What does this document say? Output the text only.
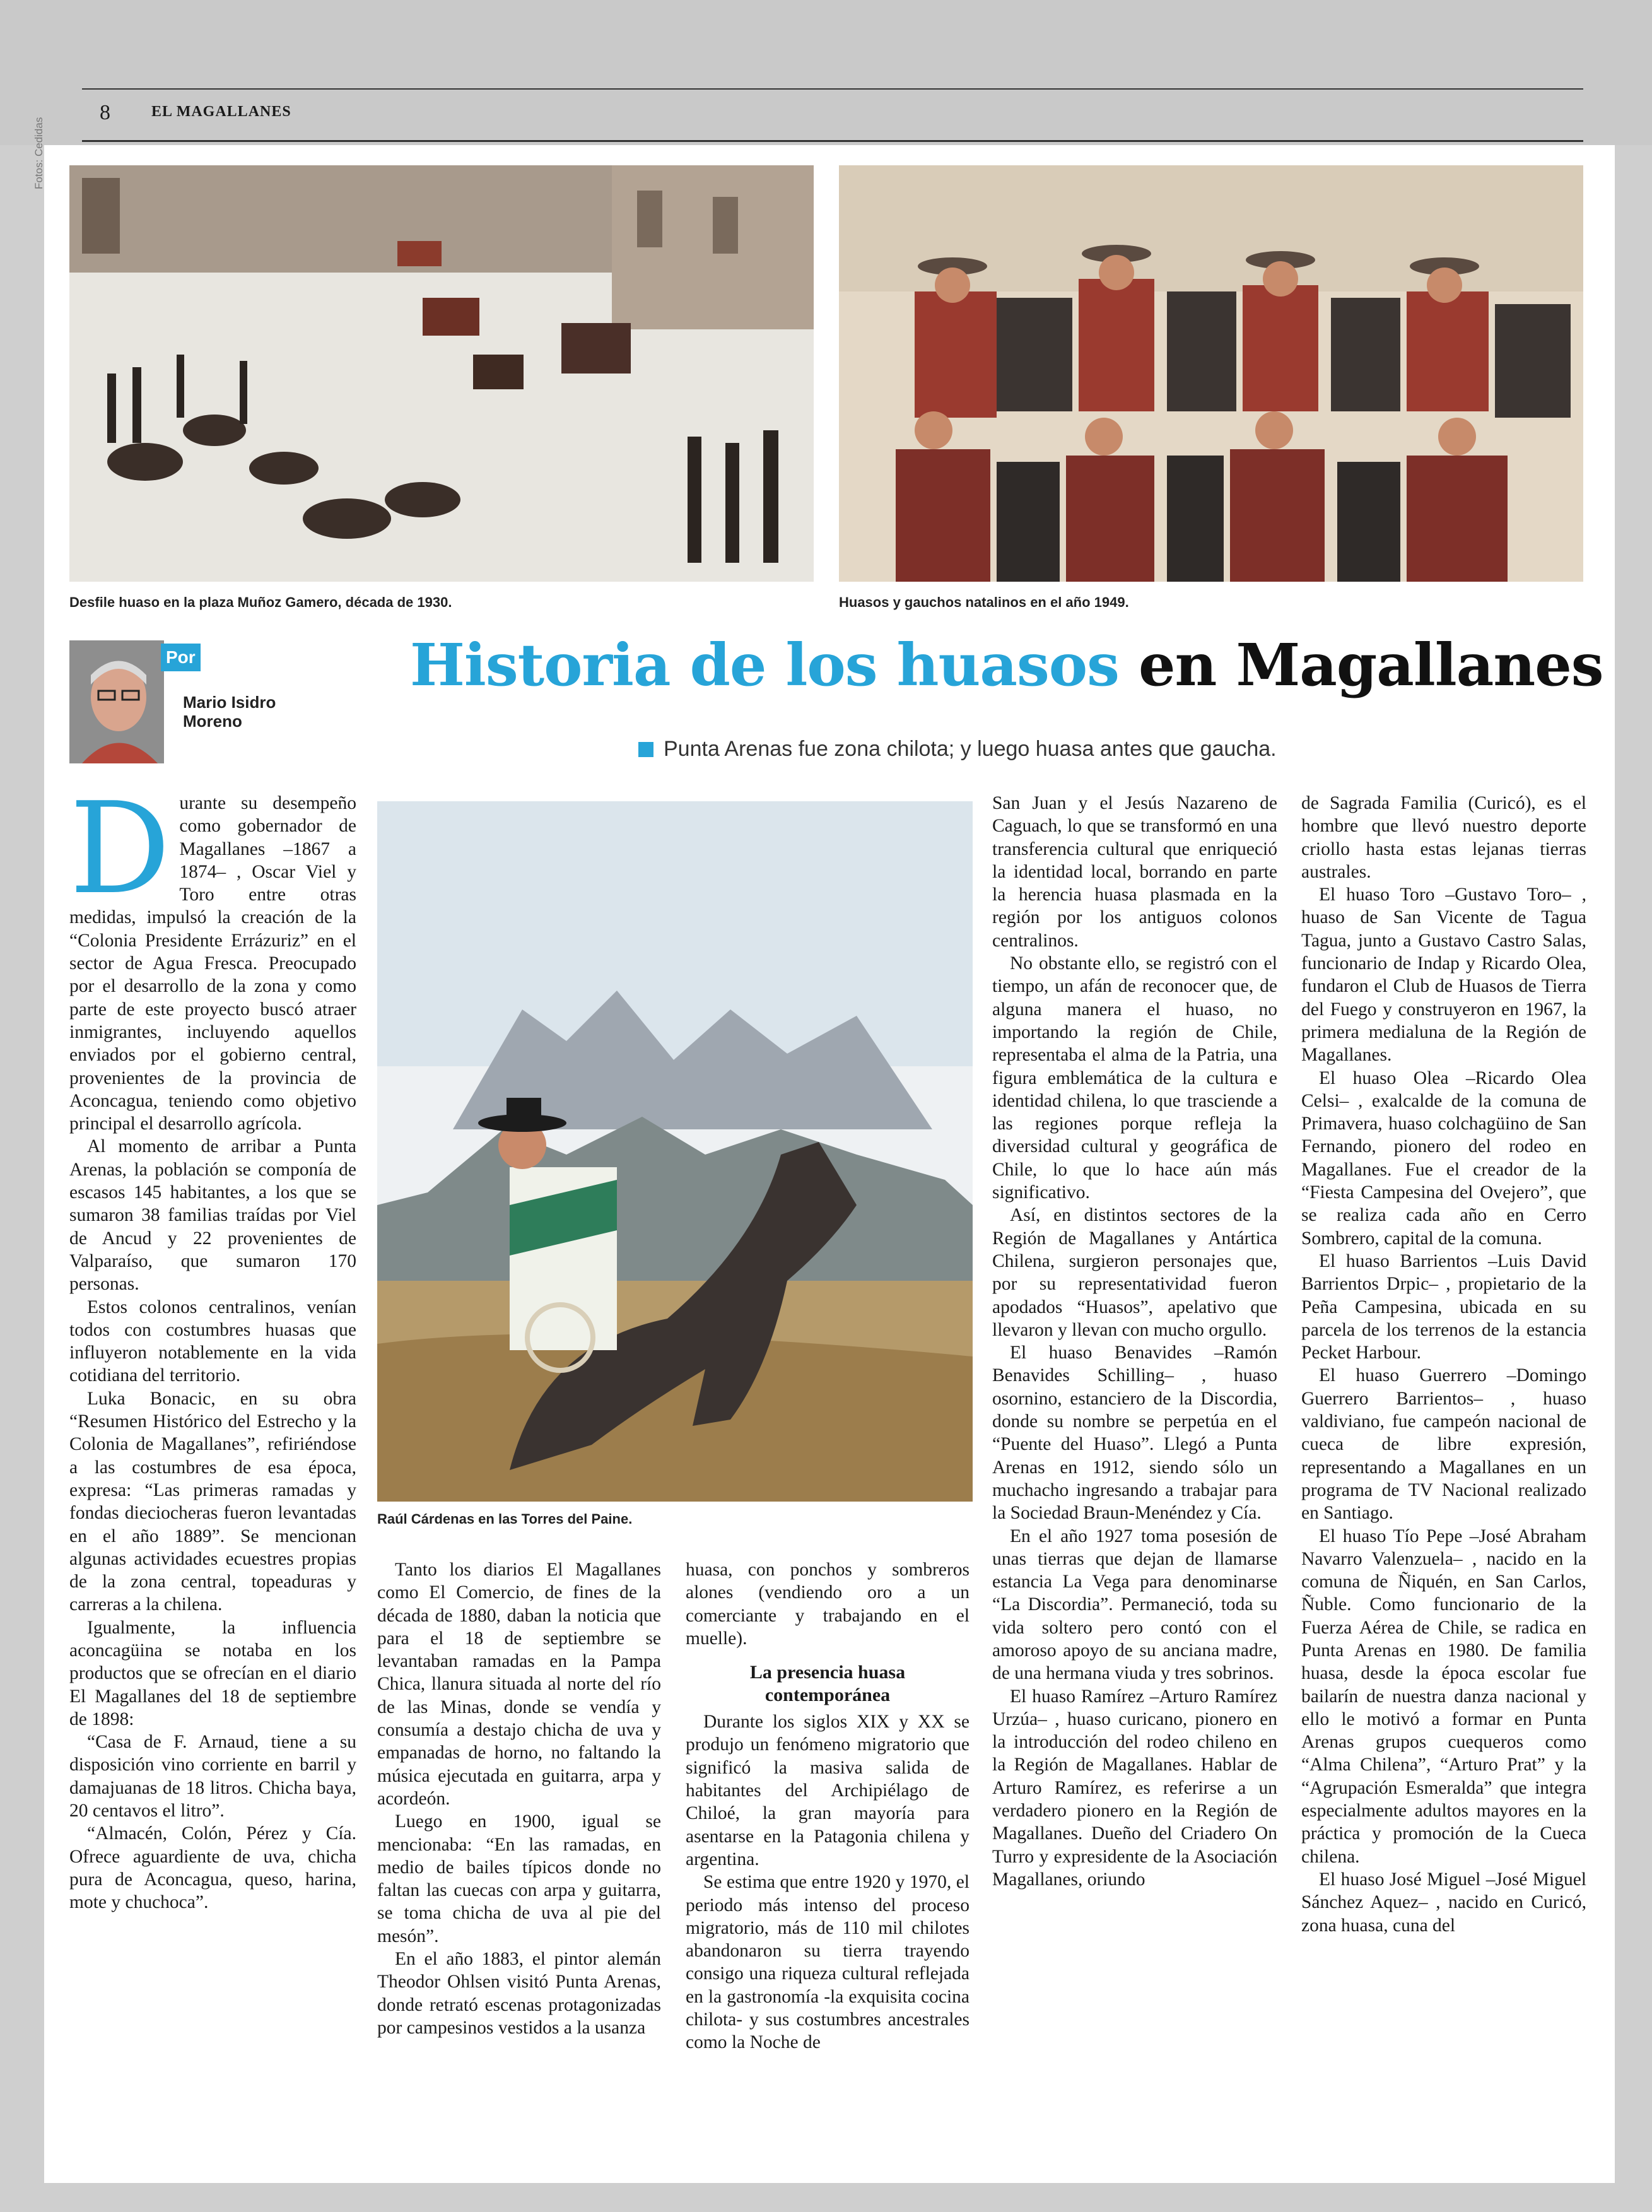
8	EL MAGALLANES
Fotos: Cedidas
Desfile huaso en la plaza Muñoz Gamero, década de 1930.	Huasos y gauchos natalinos en el año 1949.
Por
Mario Isidro
Moreno
Historia de los huasos en Magallanes
Punta Arenas fue zona chilota; y luego huasa antes que gaucha.
D urante su desempeño como gobernador de Magallanes –1867 a 1874– , Oscar Viel y Toro entre otras medidas, impulsó la creación de la “Colonia Presidente Errázuriz” en el sector de Agua Fresca. Preocupado por el desarrollo de la zona y como parte de este proyecto buscó atraer inmigrantes, incluyendo aquellos enviados por el gobierno central, provenientes de la provincia de Aconcagua, teniendo como objetivo principal el desarrollo agrícola.

Al momento de arribar a Punta Arenas, la población se componía de escasos 145 habitantes, a los que se sumaron 38 familias traídas por Viel de Ancud y 22 provenientes de Valparaíso, que sumaron 170 personas.

Estos colonos centralinos, venían todos con costumbres huasas que influyeron notablemente en la vida cotidiana del territorio.

Luka Bonacic, en su obra “Resumen Histórico del Estrecho y la Colonia de Magallanes”, refiriéndose a las costumbres de esa época, expresa: “Las primeras ramadas y fondas dieciocheras fueron levantadas en el año 1889”. Se mencionan algunas actividades ecuestres propias de la zona central, topeaduras y carreras a la chilena.

Igualmente, la influencia aconcagüina se notaba en los productos que se ofrecían en el diario El Magallanes del 18 de septiembre de 1898:

“Casa de F. Arnaud, tiene a su disposición vino corriente en barril y damajuanas de 18 litros. Chicha baya, 20 centavos el litro”.

“Almacén, Colón, Pérez y Cía. Ofrece aguardiente de uva, chicha pura de Aconcagua, queso, harina, mote y chuchoca”.

Raúl Cárdenas en las Torres del Paine.

Tanto los diarios El Magallanes como El Comercio, de fines de la década de 1880, daban la noticia que para el 18 de septiembre se levantaban ramadas en la Pampa Chica, llanura situada al norte del río de las Minas, donde se vendía y consumía a destajo chicha de uva y empanadas de horno, no faltando la música ejecutada en guitarra, arpa y acordeón.

Luego en 1900, igual se mencionaba: “En las ramadas, en medio de bailes típicos donde no faltan las cuecas con arpa y guitarra, se toma chicha de uva al pie del mesón”.

En el año 1883, el pintor alemán Theodor Ohlsen visitó Punta Arenas, donde retrató escenas protagonizadas por campesinos vestidos a la usanza

huasa, con ponchos y sombreros alones (vendiendo oro a un comerciante y trabajando en el muelle).

La presencia huasa contemporánea

Durante los siglos XIX y XX se produjo un fenómeno migratorio que significó la masiva salida de habitantes del Archipiélago de Chiloé, la gran mayoría para asentarse en la Patagonia chilena y argentina.

Se estima que entre 1920 y 1970, el periodo más intenso del proceso migratorio, más de 110 mil chilotes abandonaron su tierra trayendo consigo una riqueza cultural reflejada en la gastronomía -la exquisita cocina chilota- y sus costumbres ancestrales como la Noche de

San Juan y el Jesús Nazareno de Caguach, lo que se transformó en una transferencia cultural que enriqueció la identidad local, borrando en parte la herencia huasa plasmada en la región por los antiguos colonos centralinos.

No obstante ello, se registró con el tiempo, un afán de reconocer que, de alguna manera el huaso, no importando la región de Chile, representaba el alma de la Patria, una figura emblemática de la cultura e identidad chilena, lo que trasciende a las regiones porque refleja la diversidad cultural y geográfica de Chile, lo que lo hace aún más significativo.

Así, en distintos sectores de la Región de Magallanes y Antártica Chilena, surgieron personajes que, por su representatividad fueron apodados “Huasos”, apelativo que llevaron y llevan con mucho orgullo.

El huaso Benavides –Ramón Benavides Schilling– , huaso osornino, estanciero de la Discordia, donde su nombre se perpetúa en el “Puente del Huaso”. Llegó a Punta Arenas en 1912, siendo sólo un muchacho ingresando a trabajar para la Sociedad Braun-Menéndez y Cía.

En el año 1927 toma posesión de unas tierras que dejan de llamarse estancia La Vega para denominarse “La Discordia”. Permaneció, toda su vida soltero pero contó con el amoroso apoyo de su anciana madre, de una hermana viuda y tres sobrinos.

El huaso Ramírez –Arturo Ramírez Urzúa– , huaso curicano, pionero en la introducción del rodeo chileno en la Región de Magallanes. Hablar de Arturo Ramírez, es referirse a un verdadero pionero en la Región de Magallanes. Dueño del Criadero On Turro y expresidente de la Asociación Magallanes, oriundo

de Sagrada Familia (Curicó), es el hombre que llevó nuestro deporte criollo hasta estas lejanas tierras australes.

El huaso Toro –Gustavo Toro– , huaso de San Vicente de Tagua Tagua, junto a Gustavo Castro Salas, funcionario de Indap y Ricardo Olea, fundaron el Club de Huasos de Tierra del Fuego y construyeron en 1967, la primera medialuna de la Región de Magallanes.

El huaso Olea –Ricardo Olea Celsi– , exalcalde de la comuna de Primavera, huaso colchagüino de San Fernando, pionero del rodeo en Magallanes. Fue el creador de la “Fiesta Campesina del Ovejero”, que se realiza cada año en Cerro Sombrero, capital de la comuna.

El huaso Barrientos –Luis David Barrientos Drpic– , propietario de la Peña Campesina, ubicada en su parcela de los terrenos de la estancia Pecket Harbour.

El huaso Guerrero –Domingo Guerrero Barrientos– , huaso valdiviano, fue campeón nacional de cueca de libre expresión, representando a Magallanes en un programa de TV Nacional realizado en Santiago.

El huaso Tío Pepe –José Abraham Navarro Valenzuela– , nacido en la comuna de Ñiquén, en San Carlos, Ñuble. Como funcionario de la Fuerza Aérea de Chile, se radica en Punta Arenas en 1980. De familia huasa, desde la época escolar fue bailarín de nuestra danza nacional y ello le motivó a formar en Punta Arenas grupos cuequeros como “Alma Chilena”, “Arturo Prat” y la “Agrupación Esmeralda” que integra especialmente adultos mayores en la práctica y promoción de la Cueca chilena.

El huaso José Miguel –José Miguel Sánchez Aquez– , nacido en Curicó, zona huasa, cuna del
